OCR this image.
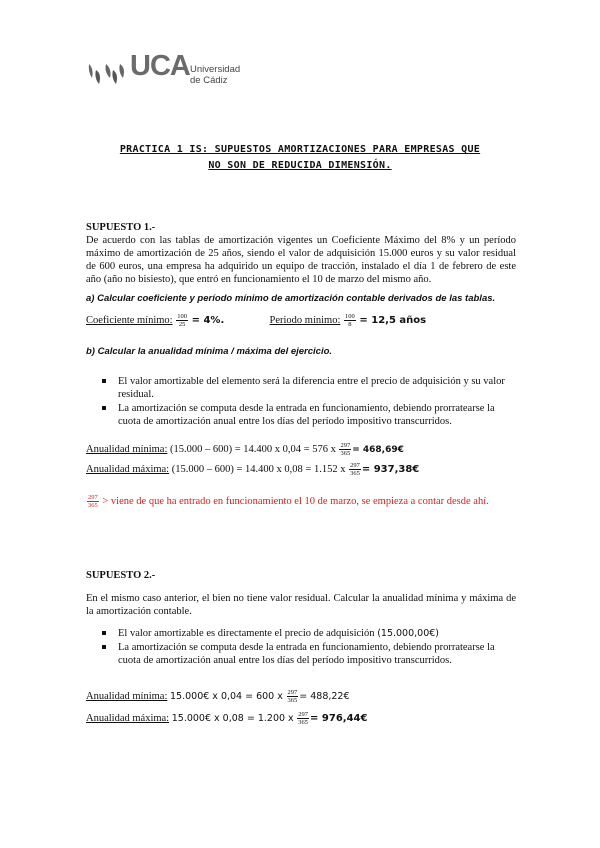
UCA Universidad
de Cádiz
PRACTICA 1 IS: SUPUESTOS AMORTIZACIONES PARA EMPRESAS QUE
NO SON DE REDUCIDA DIMENSIÓN.
SUPUESTO 1.-
De acuerdo con las tablas de amortización vigentes un Coeficiente Máximo del 8% y un período máximo de amortización de 25 años, siendo el valor de adquisición 15.000 euros y su valor residual de 600 euros, una empresa ha adquirido un equipo de tracción, instalado el día 1 de febrero de este año (año no bisiesto), que entró en funcionamiento el 10 de marzo del mismo año.
a) Calcular coeficiente y período mínimo de amortización contable derivados de las tablas.
Coeficiente mínimo: $\frac{100}{25} = 4\%$.	Periodo mínimo: $\frac{100}{8} = 12,5$ años
b) Calcular la anualidad mínima / máxima del ejercicio.
El valor amortizable del elemento será la diferencia entre el precio de adquisición y su valor residual.
La amortización se computa desde la entrada en funcionamiento, debiendo prorratearse la cuota de amortización anual entre los días del período impositivo transcurridos.
Anualidad mínima: (15.000 – 600) = 14.400 x 0,04 = 576 x $\frac{297}{365}$ = 468,69€
Anualidad máxima: (15.000 – 600) = 14.400 x 0,08 = 1.152 x $\frac{297}{365}$ = 937,38€
$\frac{297}{365}$ > viene de que ha entrado en funcionamiento el 10 de marzo, se empieza a contar desde ahí.
SUPUESTO 2.-
En el mismo caso anterior, el bien no tiene valor residual. Calcular la anualidad mínima y máxima de la amortización contable.
El valor amortizable es directamente el precio de adquisición (15.000,00€)
La amortización se computa desde la entrada en funcionamiento, debiendo prorratearse la cuota de amortización anual entre los días del período impositivo transcurridos.
Anualidad mínima: 15.000€ x 0,04 = 600 x $\frac{297}{365}$ = 488,22€
Anualidad máxima: 15.000€ x 0,08 = 1.200 x $\frac{297}{365}$ = 976,44€
